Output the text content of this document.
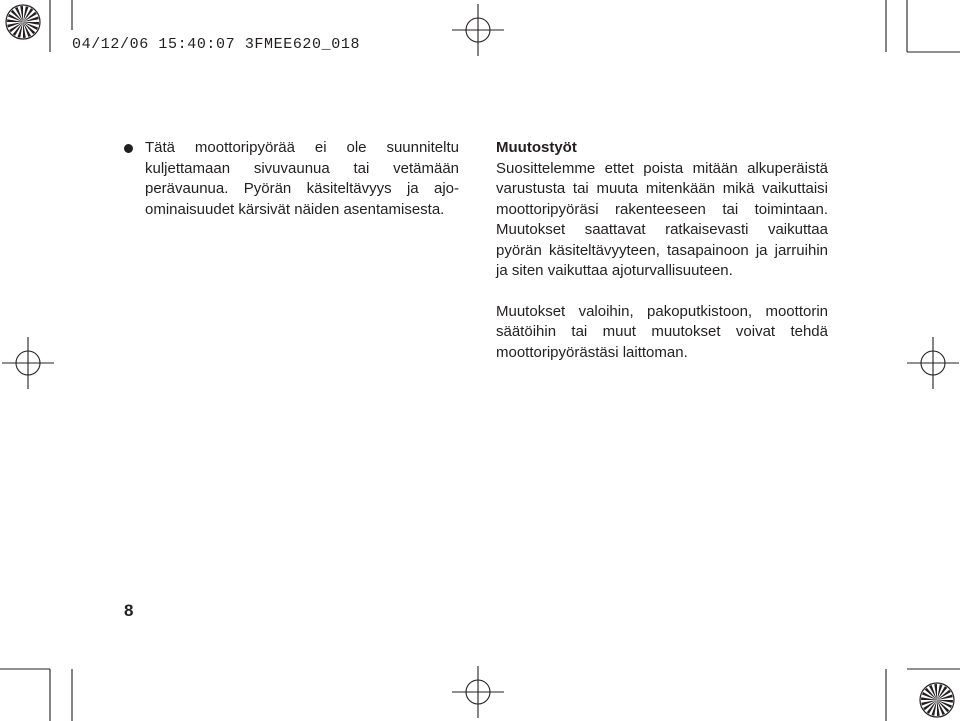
04/12/06 15:40:07 3FMEE620_018
Tätä moottoripyörää ei ole suunniteltu kuljettamaan sivuvaunua tai vetämään perävaunua. Pyörän käsiteltävyys ja ajo-ominaisuudet kärsivät näiden asentamisesta.
Muutostyöt
Suosittelemme ettet poista mitään alkuperäistä varustusta tai muuta mitenkään mikä vaikuttaisi moottoripyöräsi rakenteeseen tai toimintaan. Muutokset saattavat ratkaisevasti vaikuttaa pyörän käsiteltävyyteen, tasapainoon ja jarruihin ja siten vaikuttaa ajoturvallisuuteen.
Muutokset valoihin, pakoputkistoon, moottorin säätöihin tai muut muutokset voivat tehdä moottoripyörästäsi laittoman.
8
